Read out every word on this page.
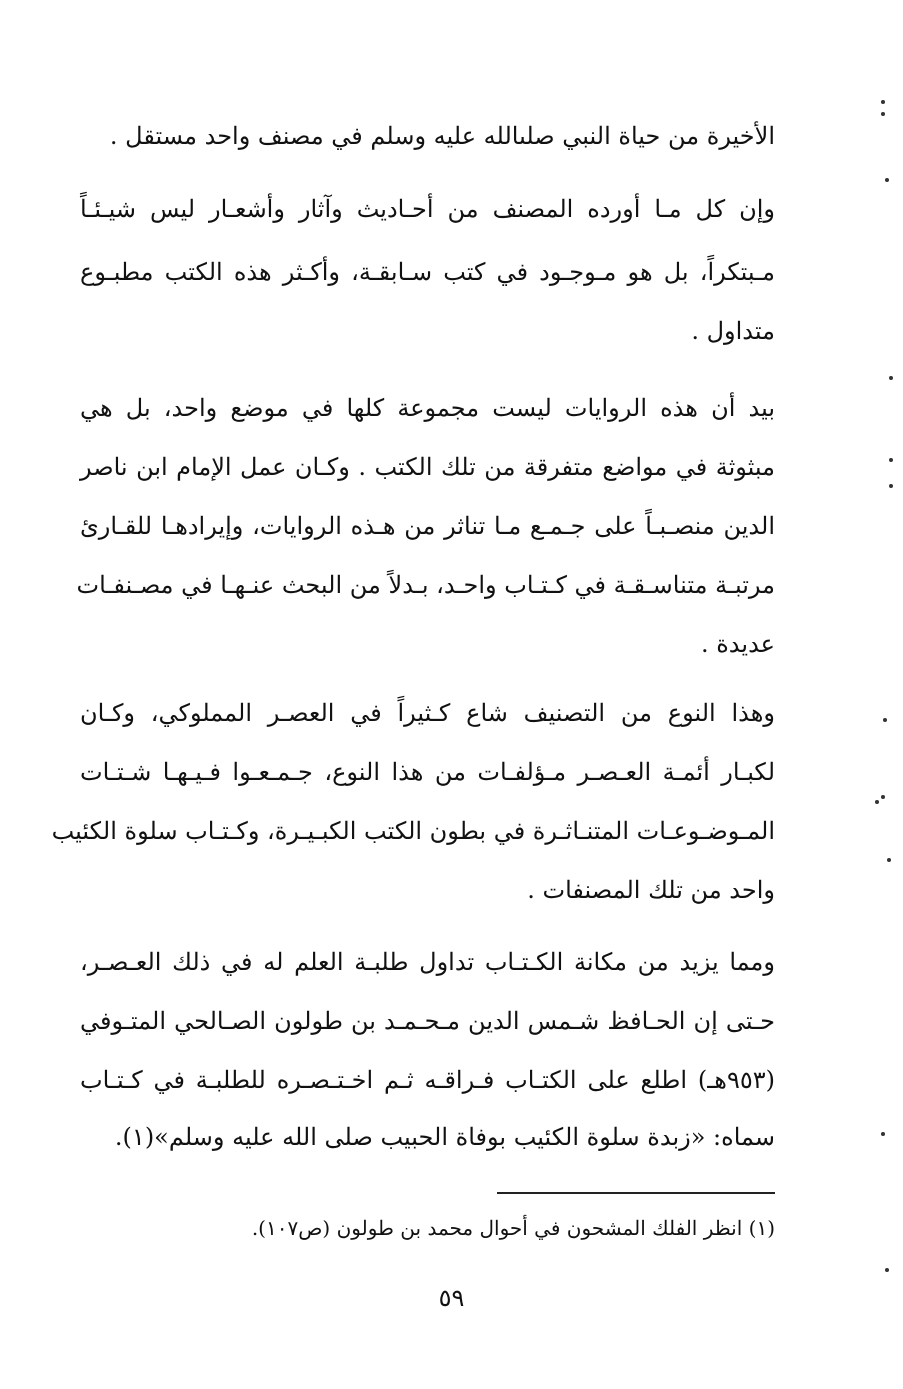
الأخيرة من حياة النبي صلىالله عليه وسلم في مصنف واحد مستقل .
وإن كل مـا أورده المصنف من أحـاديث وآثار وأشعـار ليس شيـئـاً
مـبتكراً، بل هو مـوجـود في كتب سـابقـة، وأكـثر هذه الكتب مطبـوع
متداول .
بيد أن هذه الروايات ليست مجموعة كلها في موضع واحد، بل هي
مبثوثة في مواضع متفرقة من تلك الكتب . وكـان عمل الإمام ابن ناصر
الدين منصـبـاً على جـمـع مـا تناثر من هـذه الروايات، وإيرادهـا للقـارئ
مرتبـة متناسـقـة في كـتـاب واحـد، بـدلاً من البحث عنـهـا في مصـنفـات
عديدة .
وهذا النوع من التصنيف شاع كـثيراً في العصـر المملوكي، وكـان
لكبـار أئمـة العـصـر مـؤلفـات من هذا النوع، جـمـعـوا فـيـهـا شـتـات
المـوضـوعـات المتنـاثـرة في بطون الكتب الكبـيـرة، وكـتـاب سلوة الكئيب
واحد من تلك المصنفات .
ومما يزيد من مكانة الكـتـاب تداول طلبـة العلم له في ذلك العـصـر،
حـتى إن الحـافظ شـمس الدين مـحـمـد بن طولون الصـالحي المتـوفي
(٩٥٣هـ) اطلع على الكتـاب فـراقـه ثـم اخـتـصـره للطلبـة في كـتـاب
سماه: «زبدة سلوة الكئيب بوفاة الحبيب صلى الله عليه وسلم»(١).
(١) انظر الفلك المشحون في أحوال محمد بن طولون (ص١٠٧).
٥٩
